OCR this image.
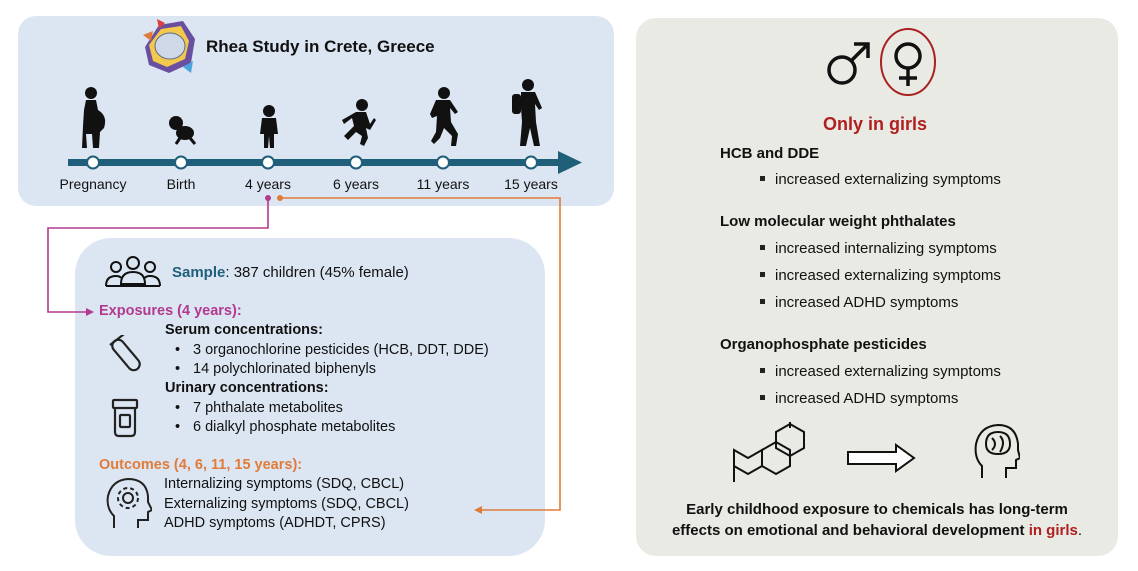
Rhea Study in Crete, Greece
Pregnancy	Birth	4 years	6 years	11 years 15 years
Sample: 387 children (45% female)
Exposures (4 years):
Serum concentrations:
• 3 organochlorine pesticides (HCB, DDT, DDE)
• 14 polychlorinated biphenyls
Urinary concentrations:
• 7 phthalate metabolites
• 6 dialkyl phosphate metabolites
Outcomes (4, 6, 11, 15 years):
Internalizing symptoms (SDQ, CBCL)
Externalizing symptoms (SDQ, CBCL)
ADHD symptoms (ADHDT, CPRS)
Only in girls
HCB and DDE
increased externalizing symptoms
Low molecular weight phthalates
increased internalizing symptoms
increased externalizing symptoms
increased ADHD symptoms
Organophosphate pesticides
increased externalizing symptoms
increased ADHD symptoms
Early childhood exposure to chemicals has long-term
effects on emotional and behavioral development in girls.
